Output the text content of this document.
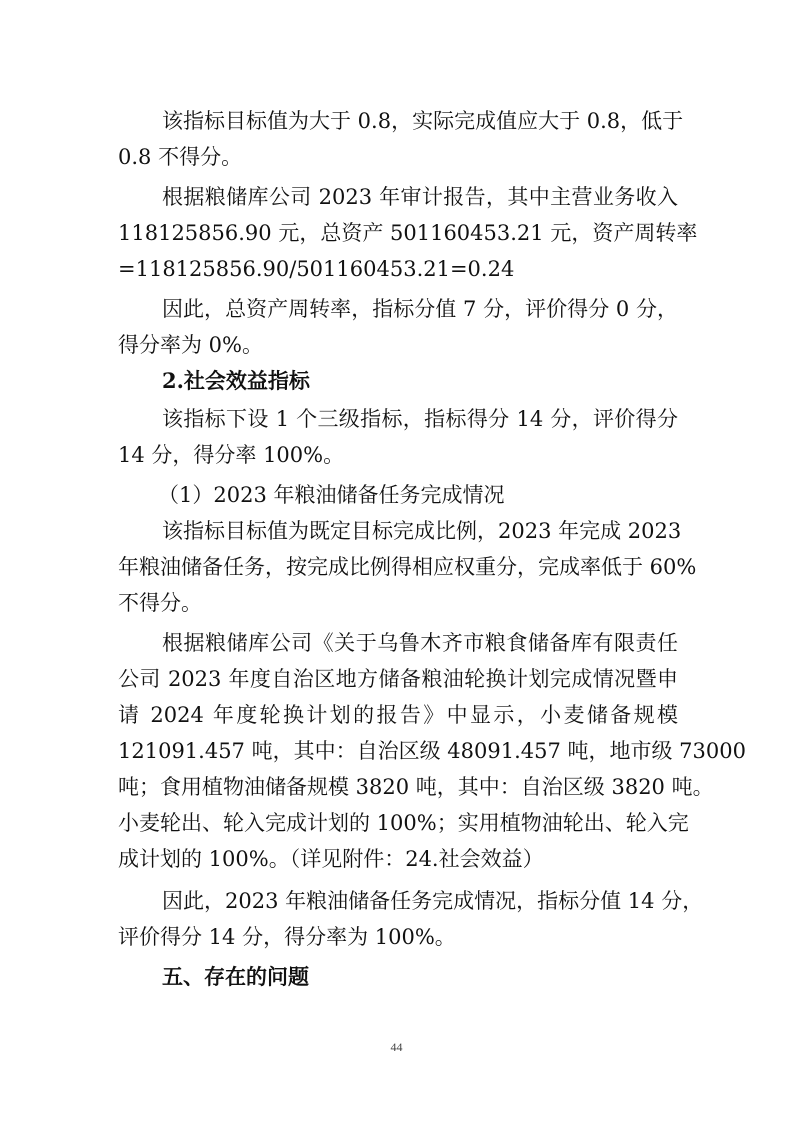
该指标目标值为大于 0.8，实际完成值应大于 0.8，低于
0.8 不得分。
根据粮储库公司 2023 年审计报告，其中主营业务收入
118125856.90 元，总资产 501160453.21 元，资产周转率
=118125856.90/501160453.21=0.24
因此，总资产周转率，指标分值 7 分，评价得分 0 分，
得分率为 0%。
2.社会效益指标
该指标下设 1 个三级指标，指标得分 14 分，评价得分
14 分，得分率 100%。
（1）2023 年粮油储备任务完成情况
该指标目标值为既定目标完成比例，2023 年完成 2023
年粮油储备任务，按完成比例得相应权重分，完成率低于 60%
不得分。
根据粮储库公司《关于乌鲁木齐市粮食储备库有限责任
公司 2023 年度自治区地方储备粮油轮换计划完成情况暨申
请 2024 年度轮换计划的报告》中显示，小麦储备规模
121091.457 吨，其中：自治区级 48091.457 吨，地市级 73000
吨；食用植物油储备规模 3820 吨，其中：自治区级 3820 吨。
小麦轮出、轮入完成计划的 100%；实用植物油轮出、轮入完
成计划的 100%。（详见附件：24.社会效益）
因此，2023 年粮油储备任务完成情况，指标分值 14 分，
评价得分 14 分，得分率为 100%。
五、存在的问题
44
